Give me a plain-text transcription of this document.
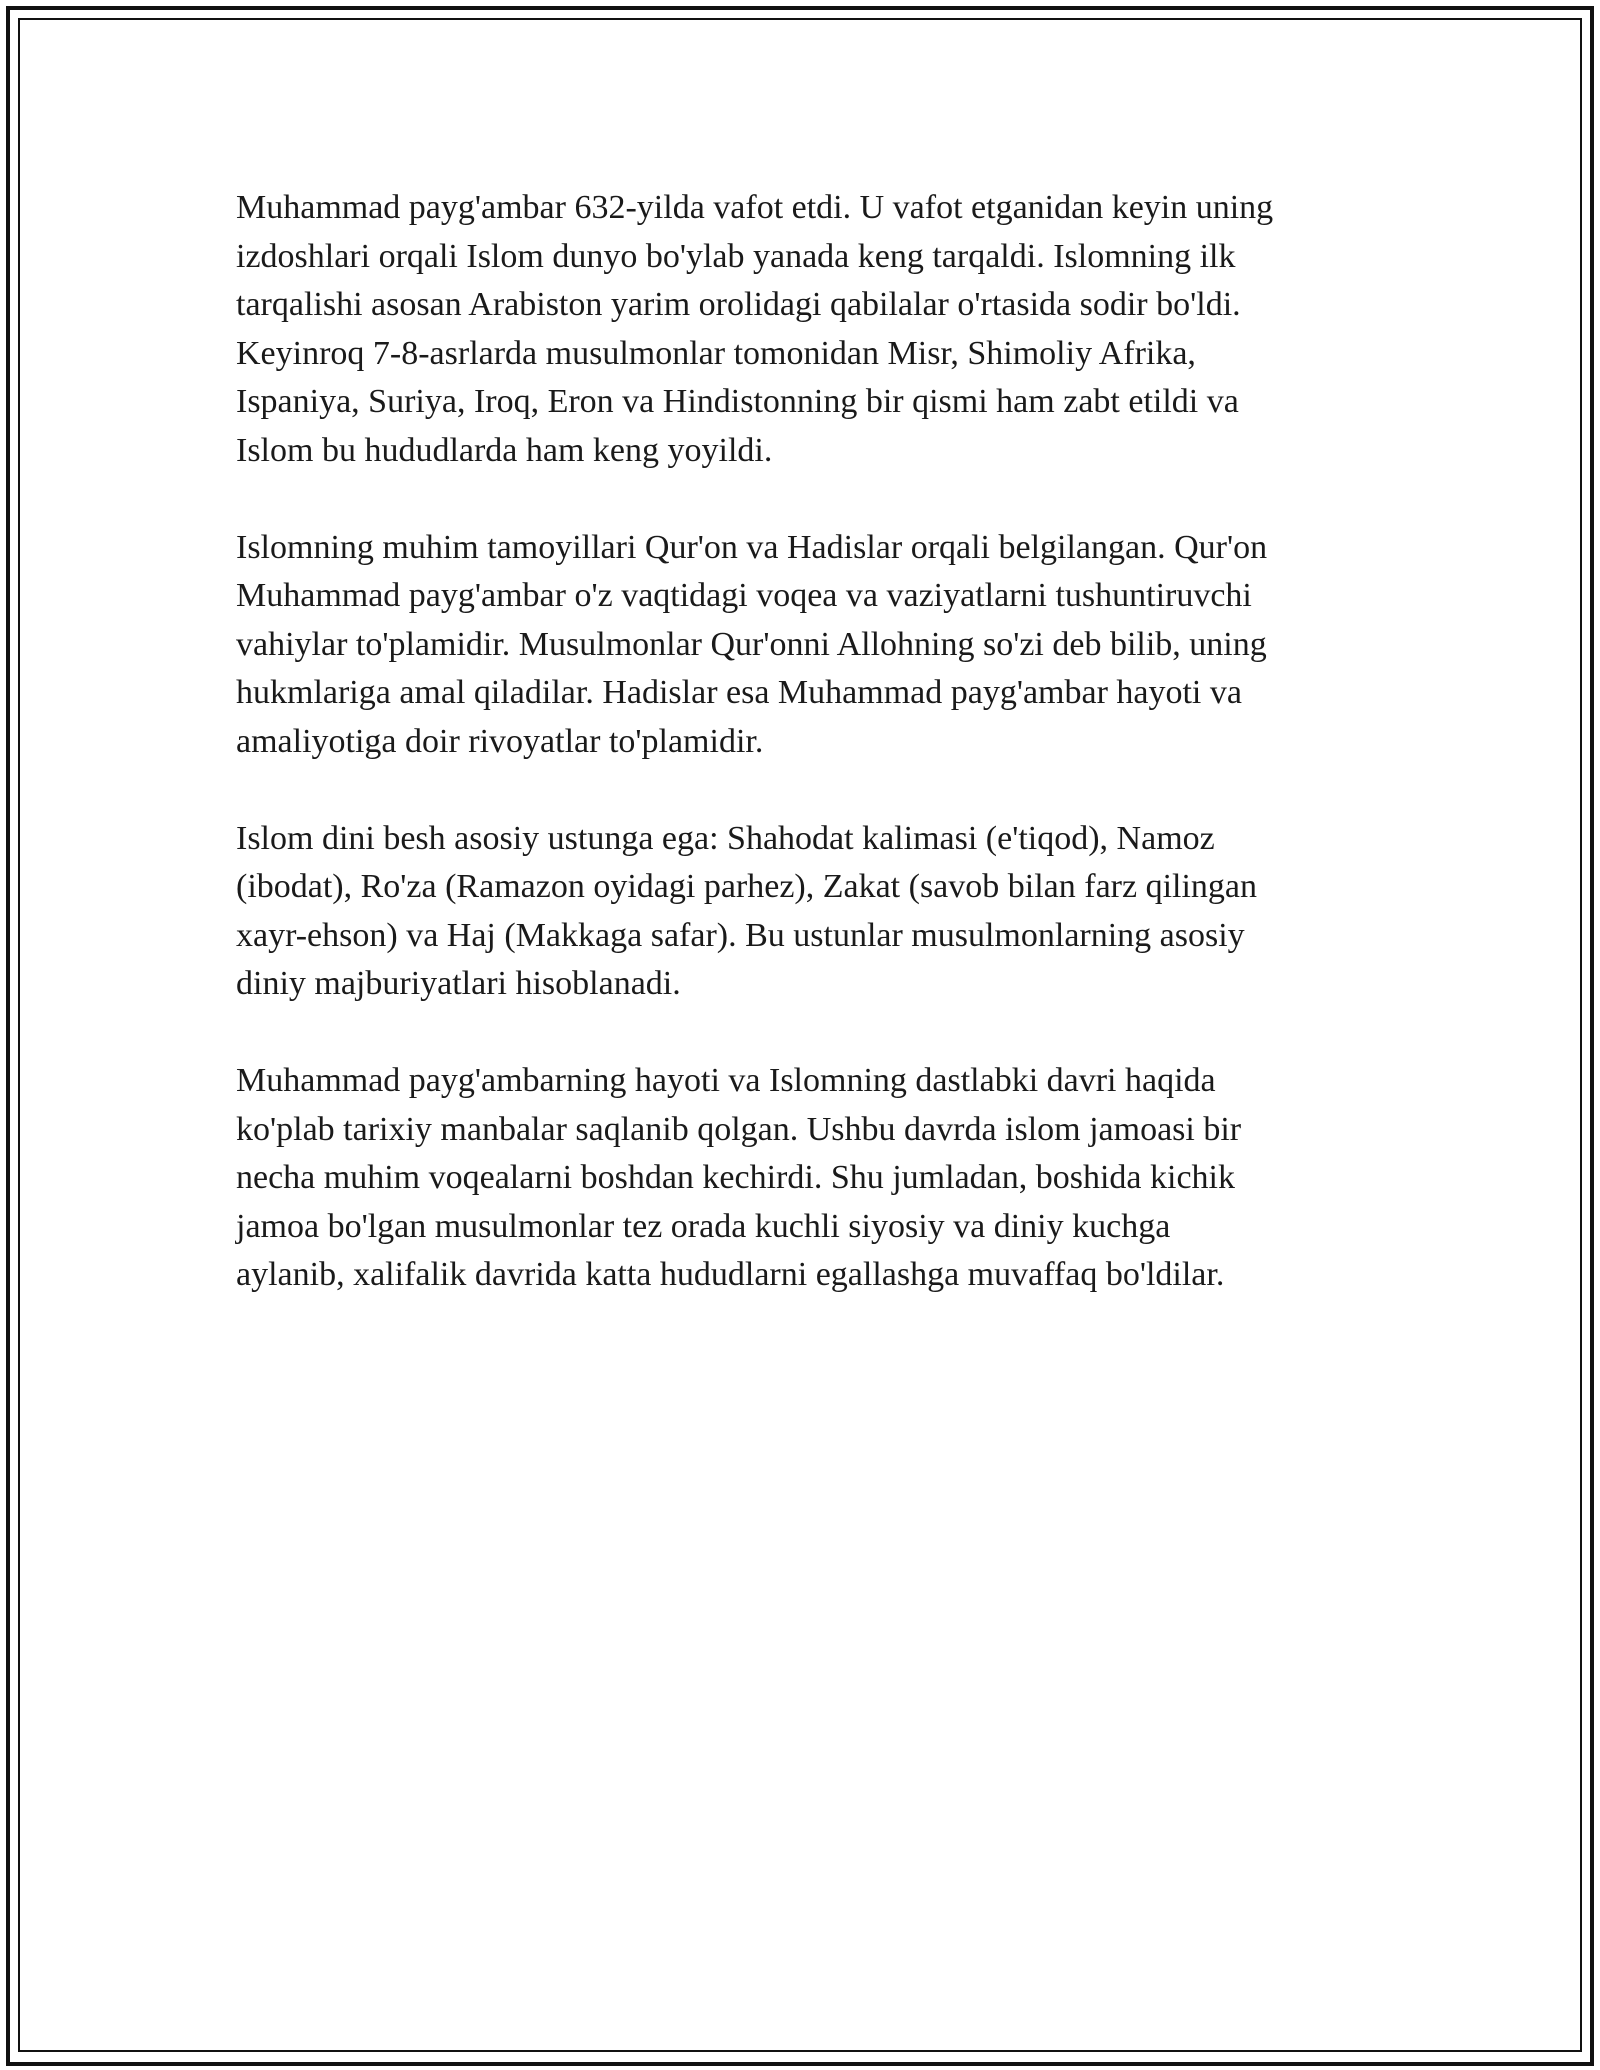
Muhammad payg'ambar 632-yilda vafot etdi. U vafot etganidan keyin uning
izdoshlari orqali Islom dunyo bo'ylab yanada keng tarqaldi. Islomning ilk
tarqalishi asosan Arabiston yarim orolidagi qabilalar o'rtasida sodir bo'ldi.
Keyinroq 7-8-asrlarda musulmonlar tomonidan Misr, Shimoliy Afrika,
Ispaniya, Suriya, Iroq, Eron va Hindistonning bir qismi ham zabt etildi va
Islom bu hududlarda ham keng yoyildi.

Islomning muhim tamoyillari Qur'on va Hadislar orqali belgilangan. Qur'on
Muhammad payg'ambar o'z vaqtidagi voqea va vaziyatlarni tushuntiruvchi
vahiylar to'plamidir. Musulmonlar Qur'onni Allohning so'zi deb bilib, uning
hukmlariga amal qiladilar. Hadislar esa Muhammad payg'ambar hayoti va
amaliyotiga doir rivoyatlar to'plamidir.

Islom dini besh asosiy ustunga ega: Shahodat kalimasi (e'tiqod), Namoz
(ibodat), Ro'za (Ramazon oyidagi parhez), Zakat (savob bilan farz qilingan
xayr-ehson) va Haj (Makkaga safar). Bu ustunlar musulmonlarning asosiy
diniy majburiyatlari hisoblanadi.

Muhammad payg'ambarning hayoti va Islomning dastlabki davri haqida
ko'plab tarixiy manbalar saqlanib qolgan. Ushbu davrda islom jamoasi bir
necha muhim voqealarni boshdan kechirdi. Shu jumladan, boshida kichik
jamoa bo'lgan musulmonlar tez orada kuchli siyosiy va diniy kuchga
aylanib, xalifalik davrida katta hududlarni egallashga muvaffaq bo'ldilar.
